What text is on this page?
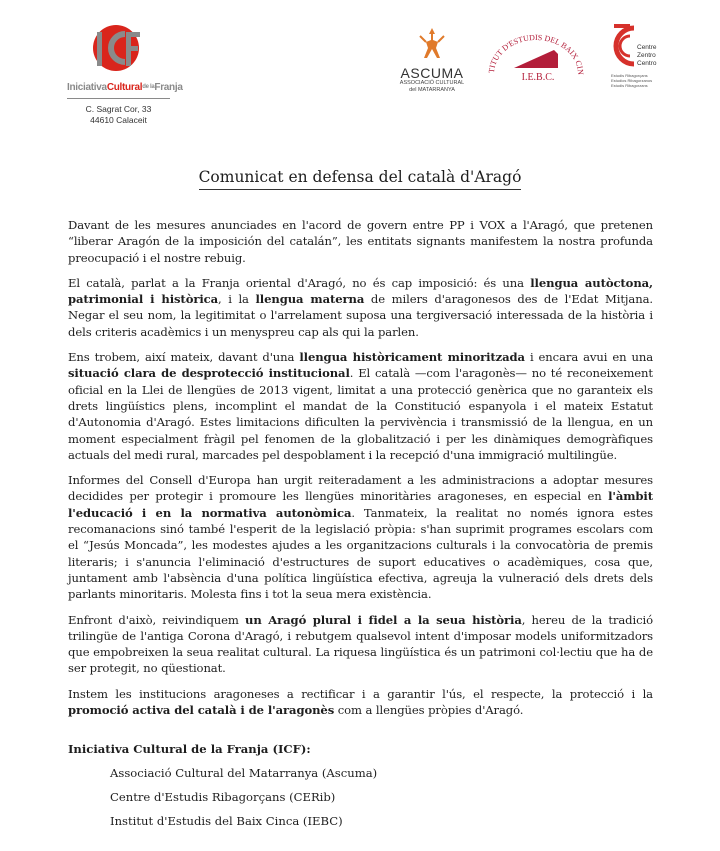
IniciativaCultural$^{de la}$Franja
C. Sagrat Cor, 33
44610 Calaceit
ASCUMA
ASSOCIACIÓ CULTURAL
del MATARRANYA
TITUT D'ESTUDIS DEL BAIX CIN
I.E.B.C.
Centre
Zentro
Centro
Estudis Ribagorçans
Estudios Ribagorzanos
Estudis Ribagorzans
Comunicat en defensa del català d'Aragó

Davant de les mesures anunciades en l'acord de govern entre PP i VOX a l'Aragó, que pretenen “liberar Aragón de la imposición del catalán”, les entitats signants manifestem la nostra profunda preocupació i el nostre rebuig.

El català, parlat a la Franja oriental d'Aragó, no és cap imposició: és una llengua autòctona, patrimonial i històrica, i la llengua materna de milers d'aragonesos des de l'Edat Mitjana. Negar el seu nom, la legitimitat o l'arrelament suposa una tergiversació interessada de la història i dels criteris acadèmics i un menyspreu cap als qui la parlen.

Ens trobem, així mateix, davant d'una llengua històricament minoritzada i encara avui en una situació clara de desprotecció institucional. El català —com l'aragonès— no té reconeixement oficial en la Llei de llengües de 2013 vigent, limitat a una protecció genèrica que no garanteix els drets lingüístics plens, incomplint el mandat de la Constitució espanyola i el mateix Estatut d'Autonomia d'Aragó. Estes limitacions dificulten la pervivència i transmissió de la llengua, en un moment especialment fràgil pel fenomen de la globalització i per les dinàmiques demogràfiques actuals del medi rural, marcades pel despoblament i la recepció d'una immigració multilingüe.

Informes del Consell d'Europa han urgit reiteradament a les administracions a adoptar mesures decidides per protegir i promoure les llengües minoritàries aragoneses, en especial en l'àmbit l'educació i en la normativa autonòmica. Tanmateix, la realitat no només ignora estes recomanacions sinó també l'esperit de la legislació pròpia: s'han suprimit programes escolars com el “Jesús Moncada”, les modestes ajudes a les organitzacions culturals i la convocatòria de premis literaris; i s'anuncia l'eliminació d'estructures de suport educatives o acadèmiques, cosa que, juntament amb l'absència d'una política lingüística efectiva, agreuja la vulneració dels drets dels parlants minoritaris. Molesta fins i tot la seua mera existència.

Enfront d'això, reivindiquem un Aragó plural i fidel a la seua història, hereu de la tradició trilingüe de l'antiga Corona d'Aragó, i rebutgem qualsevol intent d'imposar models uniformitzadors que empobreixen la seua realitat cultural. La riquesa lingüística és un patrimoni col·lectiu que ha de ser protegit, no qüestionat.

Instem les institucions aragoneses a rectificar i a garantir l'ús, el respecte, la protecció i la promoció activa del català i de l'aragonès com a llengües pròpies d'Aragó.

Iniciativa Cultural de la Franja (ICF):
Associació Cultural del Matarranya (Ascuma)
Centre d'Estudis Ribagorçans (CERib)
Institut d'Estudis del Baix Cinca (IEBC)
